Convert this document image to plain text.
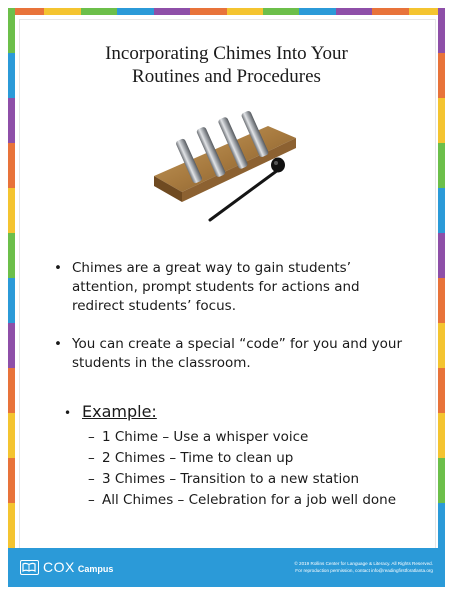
Incorporating Chimes Into Your
Routines and Procedures
• Chimes are a great way to gain students’ attention, prompt students for actions and redirect students’ focus.
• You can create a special “code” for you and your students in the classroom.
• Example:
– 1 Chime – Use a whisper voice
– 2 Chimes – Time to clean up
– 3 Chimes – Transition to a new station
– All Chimes – Celebration for a job well done
COX Campus
© 2019 Rollins Center for Language & Literacy. All Rights Reserved.
For reproduction permission, contact info@readingfirstforatlanta.org
